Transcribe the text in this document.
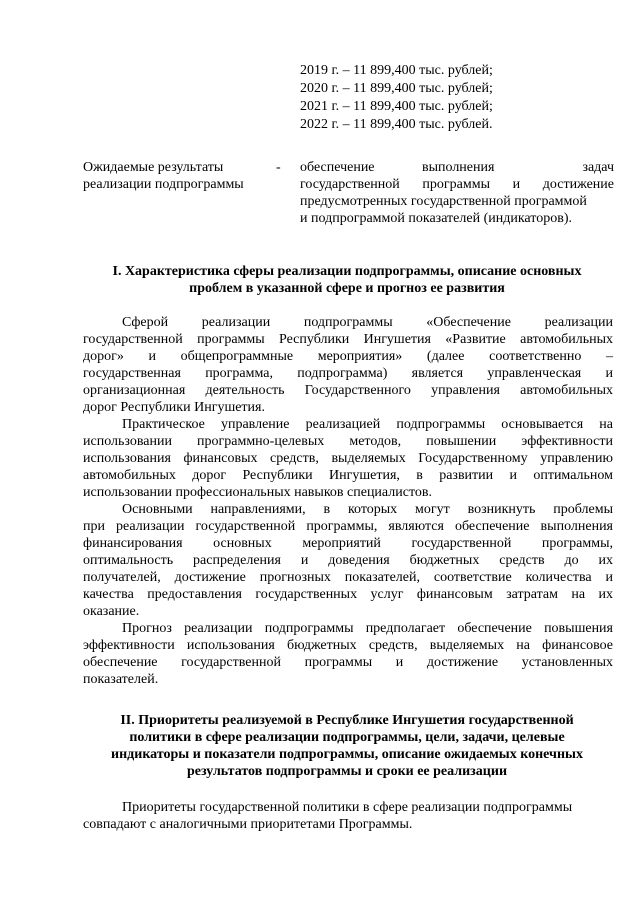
2019 г. – 11 899,400 тыс. рублей;
2020 г. – 11 899,400 тыс. рублей;
2021 г. – 11 899,400 тыс. рублей;
2022 г. – 11 899,400 тыс. рублей.
Ожидаемые результаты
реализации подпрограммы
- обеспечение	выполнения	задач
государственной программы и достижение
предусмотренных государственной программой
и подпрограммой показателей (индикаторов).
I. Характеристика сферы реализации подпрограммы, описание основных
проблем в указанной сфере и прогноз ее развития
Сферой реализации подпрограммы «Обеспечение реализации
государственной программы Республики Ингушетия «Развитие автомобильных
дорог» и общепрограммные мероприятия» (далее соответственно –
государственная программа, подпрограмма) является управленческая и
организационная деятельность Государственного управления автомобильных
дорог Республики Ингушетия.
Практическое управление реализацией подпрограммы основывается на
использовании программно-целевых методов, повышении эффективности
использования финансовых средств, выделяемых Государственному управлению
автомобильных дорог Республики Ингушетия, в развитии и оптимальном
использовании профессиональных навыков специалистов.
Основными направлениями, в которых могут возникнуть проблемы
при реализации государственной программы, являются обеспечение выполнения
финансирования основных мероприятий государственной программы,
оптимальность распределения и доведения бюджетных средств до их
получателей, достижение прогнозных показателей, соответствие количества и
качества предоставления государственных услуг финансовым затратам на их
оказание.
Прогноз реализации подпрограммы предполагает обеспечение повышения
эффективности использования бюджетных средств, выделяемых на финансовое
обеспечение государственной программы и достижение установленных
показателей.
II. Приоритеты реализуемой в Республике Ингушетия государственной
политики в сфере реализации подпрограммы, цели, задачи, целевые
индикаторы и показатели подпрограммы, описание ожидаемых конечных
результатов подпрограммы и сроки ее реализации
Приоритеты государственной политики в сфере реализации подпрограммы
совпадают с аналогичными приоритетами Программы.
